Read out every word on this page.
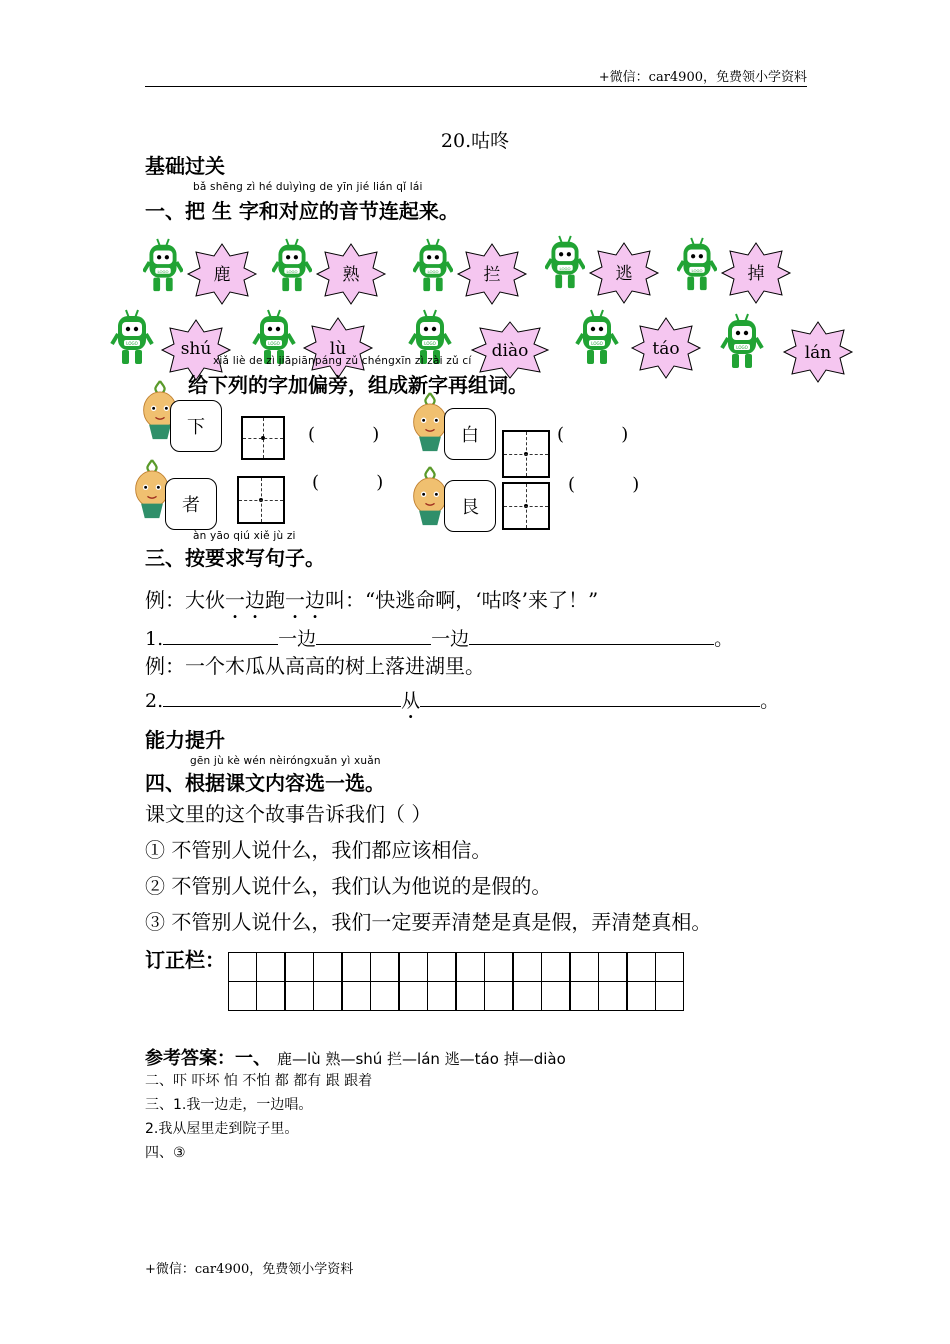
+微信：car4900，免费领小学资料
20.咕咚
基础过关
bǎ shēng zì hé duìyìng de yīn jié lián qǐ lái
一、把 生 字和对应的音节连起来。
鹿	熟	拦	逃	掉
shú	lù	diào	táo	lán
xiǎ liè de zì jiāpiānpáng zǔ chéngxīn zì zài zǔ cí
给下列的字加偏旁，组成新字再组词。
下	(          )	白	(          )
者
(          )
艮
(          )
àn yāo qiú xiě jù zi
三、按要求写句子。
例：大伙一边跑一边叫：“快逃命啊，‘咕咚’来了！”
1.	一边	一边	。
例：一个木瓜从高高的树上落进湖里。
2.	从	。
能力提升
gēn jù kè wén nèiróngxuǎn yì xuǎn
四、根据课文内容选一选。
课文里的这个故事告诉我们（ ）
① 不管别人说什么，我们都应该相信。
② 不管别人说什么，我们认为他说的是假的。
③ 不管别人说什么，我们一定要弄清楚是真是假，弄清楚真相。
订正栏：

参考答案：一、 鹿—lù 熟—shú 拦—lán 逃—táo 掉—diào
二、吓 吓坏 怕 不怕 都 都有 跟 跟着
三、1.我一边走，一边唱。
2.我从屋里走到院子里。
四、③
+微信：car4900，免费领小学资料
